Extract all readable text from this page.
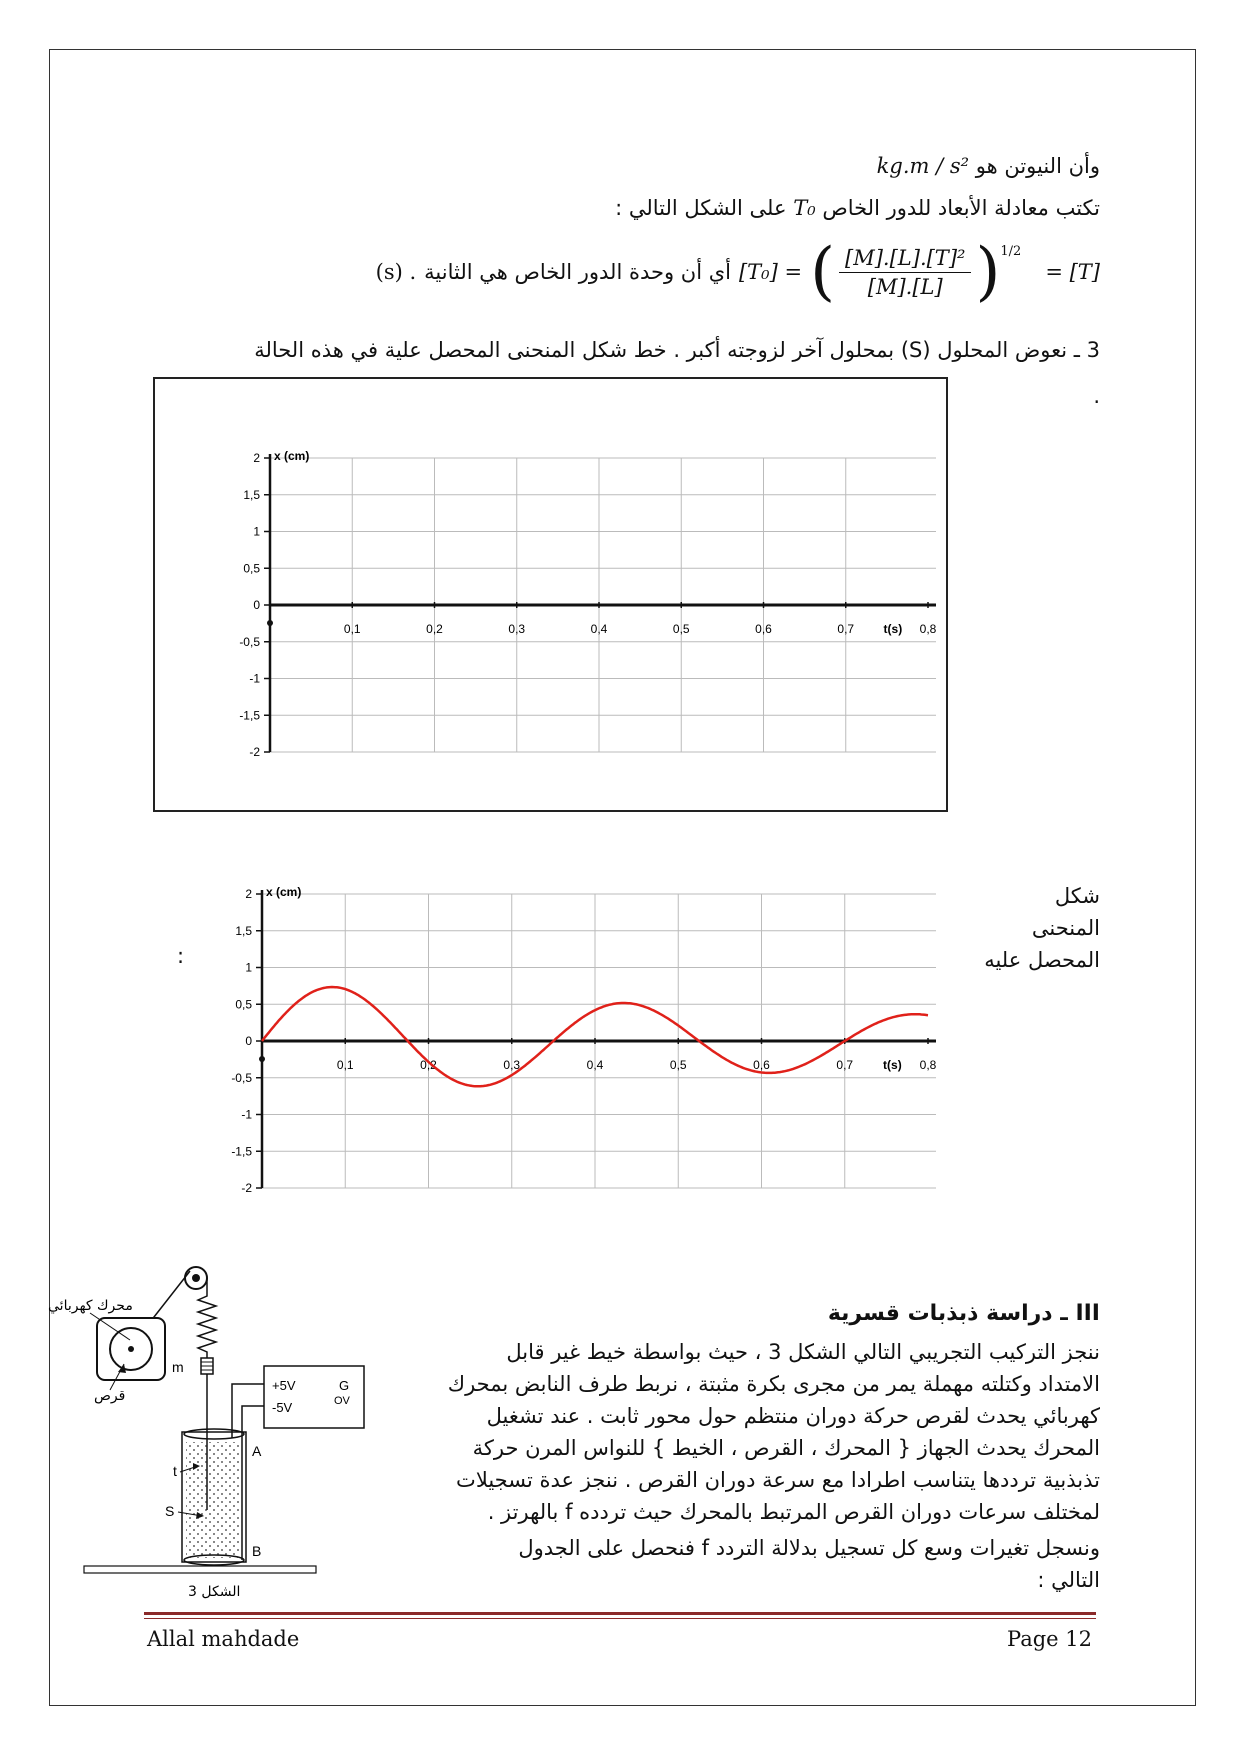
وأن النيوتن هو kg.m / s²
تكتب معادلة الأبعاد للدور الخاص T₀ على الشكل التالي :
(s) . أي أن وحدة الدور الخاص هي الثانية [T₀] = ( $\frac{\text{[M].[L].[T]²}}{[M].[L]}$ ) 1/2
= [T]
3 ـ نعوض المحلول (S) بمحلول آخر لزوجته أكبر . خط شكل المنحنى المحصل علية في هذه الحالة
.
2
1,5
1
0,5
0
-0,5
-1
-1,5
-2
0,1	0,2	0,3	0,4	0,5	0,6	0,7	0,8
x (cm)
t(s)
شكل
المنحنى
المحصل عليه
:
2
1,5
1
0,5
0
-0,5
-1
-1,5
-2
0,1	0,2	0,3	0,4	0,5	0,6	0,7	0,8
x (cm)
t(s)
III ـ دراسة ذبذبات قسرية
ننجز التركيب التجريبي التالي الشكل 3 ، حيث بواسطة خيط غير قابل
الامتداد وكتلته مهملة يمر من مجرى بكرة مثبتة ، نربط طرف النابض بمحرك
كهربائي يحدث لقرص حركة دوران منتظم حول محور ثابت . عند تشغيل
المحرك يحدث الجهاز { المحرك ، القرص ، الخيط } للنواس المرن حركة
تذبذبية ترددها يتناسب اطرادا مع سرعة دوران القرص . ننجز عدة تسجيلات
لمختلف سرعات دوران القرص المرتبط بالمحرك حيث تردده f بالهرتز .
ونسجل تغيرات وسع كل تسجيل بدلالة التردد f فنحصل على الجدول
التالي :
m
محرك كهربائي
قرص
+5V	G
-5V	OV
A
B
t
S
الشكل 3
Allal mahdade	Page 12
